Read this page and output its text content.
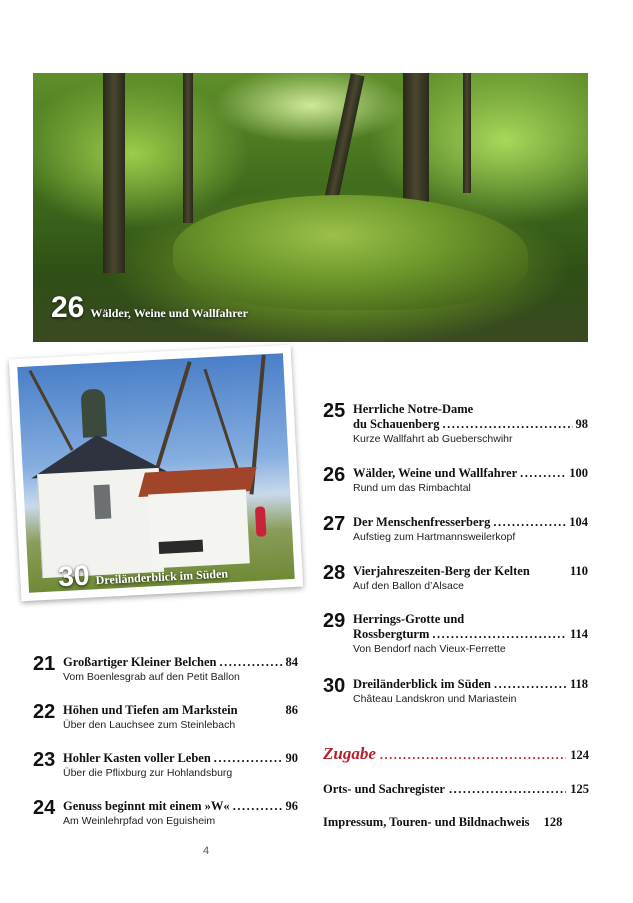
26 Wälder, Weine und Wallfahrer
30 Dreiländerblick im Süden
21 Großartiger Kleiner Belchen .....	84
Vom Boenlesgrab auf den Petit Ballon
22 Höhen und Tiefen am Markstein	86
Über den Lauchsee zum Steinlebach
23 Hohler Kasten voller Leben .....	90
Über die Pflixburg zur Hohlandsburg
24 Genuss beginnt mit einem »W« .....	96
Am Weinlehrpfad von Eguisheim
25 Herrliche Notre-Dame
du Schauenberg .....	98
Kurze Wallfahrt ab Gueberschwihr
26 Wälder, Weine und Wallfahrer .....	100
Rund um das Rimbachtal
27 Der Menschenfresserberg .....	104
Aufstieg zum Hartmannsweilerkopf
28 Vierjahreszeiten-Berg der Kelten	110
Auf den Ballon d’Alsace
29 Herrings-Grotte und
Rossbergturm .....	114
Von Bendorf nach Vieux-Ferrette
30 Dreiländerblick im Süden .....	118
Château Landskron und Mariastein
Zugabe .....	124
Orts- und Sachregister .....	125
Impressum, Touren- und Bildnachweis 128
4
